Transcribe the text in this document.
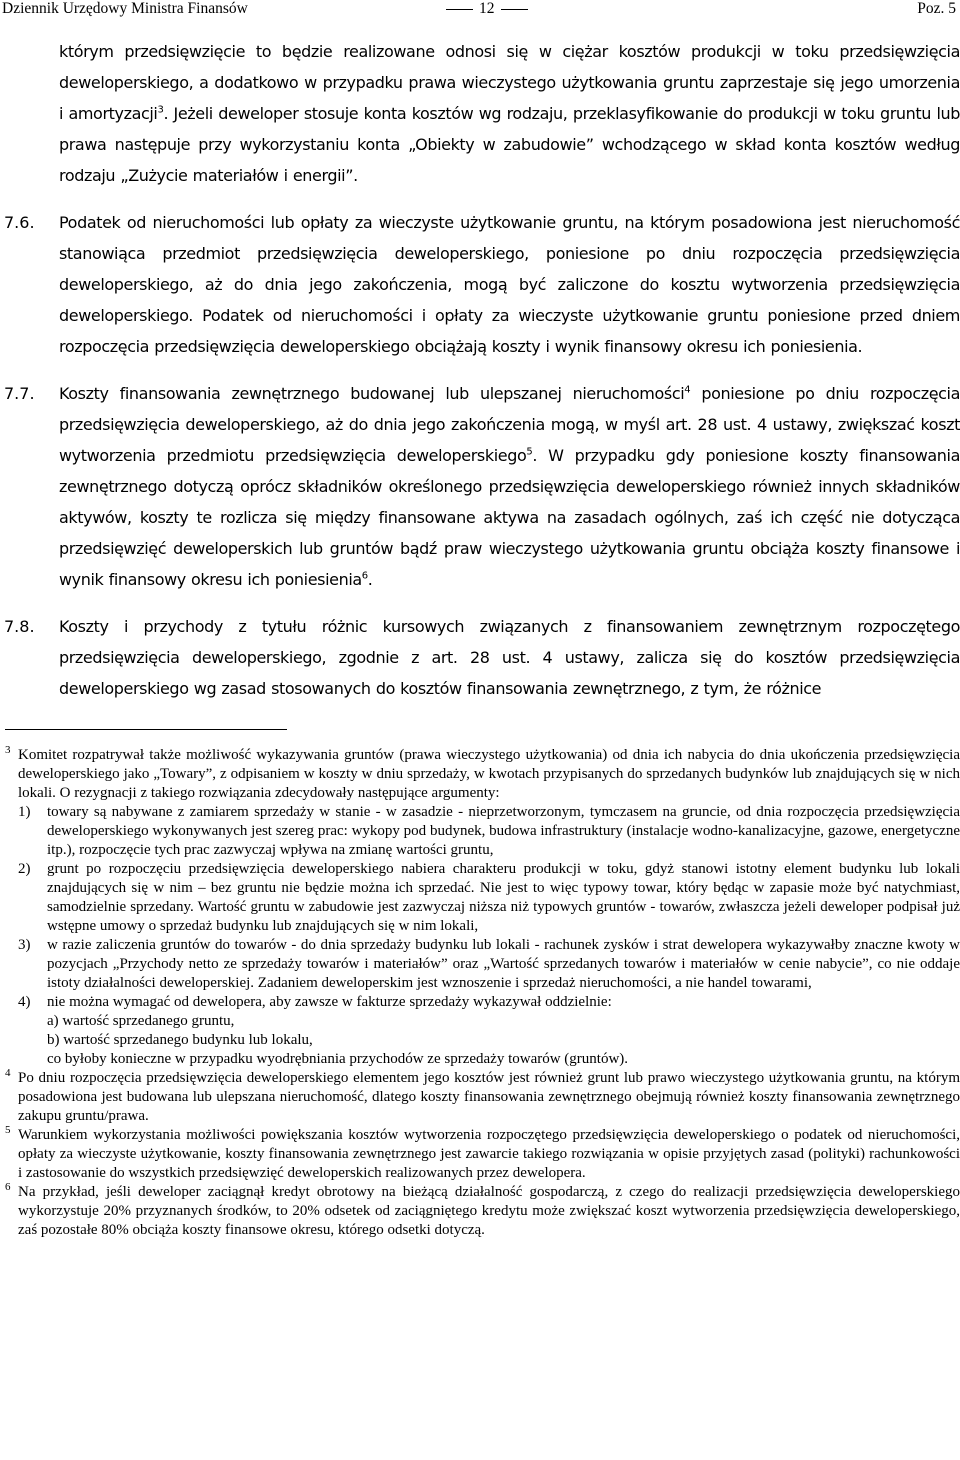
Dziennik Urzędowy Ministra Finansów	12	Poz. 5

którym przedsięwzięcie to będzie realizowane odnosi się w ciężar kosztów produkcji w toku przedsięwzięcia deweloperskiego, a dodatkowo w przypadku prawa wieczystego użytkowania gruntu zaprzestaje się jego umorzenia i amortyzacji$^3$. Jeżeli deweloper stosuje konta kosztów wg rodzaju, przeklasyfikowanie do produkcji w toku gruntu lub prawa następuje przy wykorzystaniu konta „Obiekty w zabudowie” wchodzącego w skład konta kosztów według rodzaju „Zużycie materiałów i energii”.

7.6. Podatek od nieruchomości lub opłaty za wieczyste użytkowanie gruntu, na którym posadowiona jest nieruchomość stanowiąca przedmiot przedsięwzięcia deweloperskiego, poniesione po dniu rozpoczęcia przedsięwzięcia deweloperskiego, aż do dnia jego zakończenia, mogą być zaliczone do kosztu wytworzenia przedsięwzięcia deweloperskiego. Podatek od nieruchomości i opłaty za wieczyste użytkowanie gruntu poniesione przed dniem rozpoczęcia przedsięwzięcia deweloperskiego obciążają koszty i wynik finansowy okresu ich poniesienia.

7.7. Koszty finansowania zewnętrznego budowanej lub ulepszanej nieruchomości$^4$ poniesione po dniu rozpoczęcia przedsięwzięcia deweloperskiego, aż do dnia jego zakończenia mogą, w myśl art. 28 ust. 4 ustawy, zwiększać koszt wytworzenia przedmiotu przedsięwzięcia deweloperskiego$^5$. W przypadku gdy poniesione koszty finansowania zewnętrznego dotyczą oprócz składników określonego przedsięwzięcia deweloperskiego również innych składników aktywów, koszty te rozlicza się między finansowane aktywa na zasadach ogólnych, zaś ich część nie dotycząca przedsięwzięć deweloperskich lub gruntów bądź praw wieczystego użytkowania gruntu obciąża koszty finansowe i wynik finansowy okresu ich poniesienia$^6$.

7.8. Koszty i przychody z tytułu różnic kursowych związanych z finansowaniem zewnętrznym rozpoczętego przedsięwzięcia deweloperskiego, zgodnie z art. 28 ust. 4 ustawy, zalicza się do kosztów przedsięwzięcia deweloperskiego wg zasad stosowanych do kosztów finansowania zewnętrznego, z tym, że różnice

3 Komitet rozpatrywał także możliwość wykazywania gruntów (prawa wieczystego użytkowania) od dnia ich nabycia do dnia ukończenia przedsięwzięcia deweloperskiego jako „Towary”, z odpisaniem w koszty w dniu sprzedaży, w kwotach przypisanych do sprzedanych budynków lub znajdujących się w nich lokali. O rezygnacji z takiego rozwiązania zdecydowały następujące argumenty:

1) towary są nabywane z zamiarem sprzedaży w stanie - w zasadzie - nieprzetworzonym, tymczasem na gruncie, od dnia rozpoczęcia przedsięwzięcia deweloperskiego wykonywanych jest szereg prac: wykopy pod budynek, budowa infrastruktury (instalacje wodno-kanalizacyjne, gazowe, energetyczne itp.), rozpoczęcie tych prac zazwyczaj wpływa na zmianę wartości gruntu,

2) grunt po rozpoczęciu przedsięwzięcia deweloperskiego nabiera charakteru produkcji w toku, gdyż stanowi istotny element budynku lub lokali znajdujących się w nim – bez gruntu nie będzie można ich sprzedać. Nie jest to więc typowy towar, który będąc w zapasie może być natychmiast, samodzielnie sprzedany. Wartość gruntu w zabudowie jest zazwyczaj niższa niż typowych gruntów - towarów, zwłaszcza jeżeli deweloper podpisał już wstępne umowy o sprzedaż budynku lub znajdujących się w nim lokali,

3) w razie zaliczenia gruntów do towarów - do dnia sprzedaży budynku lub lokali - rachunek zysków i strat dewelopera wykazywałby znaczne kwoty w pozycjach „Przychody netto ze sprzedaży towarów i materiałów” oraz „Wartość sprzedanych towarów i materiałów w cenie nabycie”, co nie oddaje istoty działalności deweloperskiej. Zadaniem deweloperskim jest wznoszenie i sprzedaż nieruchomości, a nie handel towarami,

4) nie można wymagać od dewelopera, aby zawsze w fakturze sprzedaży wykazywał oddzielnie:

a) wartość sprzedanego gruntu,

b) wartość sprzedanego budynku lub lokalu,

co byłoby konieczne w przypadku wyodrębniania przychodów ze sprzedaży towarów (gruntów).

4 Po dniu rozpoczęcia przedsięwzięcia deweloperskiego elementem jego kosztów jest również grunt lub prawo wieczystego użytkowania gruntu, na którym posadowiona jest budowana lub ulepszana nieruchomość, dlatego koszty finansowania zewnętrznego obejmują również koszty finansowania zewnętrznego zakupu gruntu/prawa.

5 Warunkiem wykorzystania możliwości powiększania kosztów wytworzenia rozpoczętego przedsięwzięcia deweloperskiego o podatek od nieruchomości, opłaty za wieczyste użytkowanie, koszty finansowania zewnętrznego jest zawarcie takiego rozwiązania w opisie przyjętych zasad (polityki) rachunkowości i zastosowanie do wszystkich przedsięwzięć deweloperskich realizowanych przez dewelopera.

6 Na przykład, jeśli deweloper zaciągnął kredyt obrotowy na bieżącą działalność gospodarczą, z czego do realizacji przedsięwzięcia deweloperskiego wykorzystuje 20% przyznanych środków, to 20% odsetek od zaciągniętego kredytu może zwiększać koszt wytworzenia przedsięwzięcia deweloperskiego, zaś pozostałe 80% obciąża koszty finansowe okresu, którego odsetki dotyczą.
